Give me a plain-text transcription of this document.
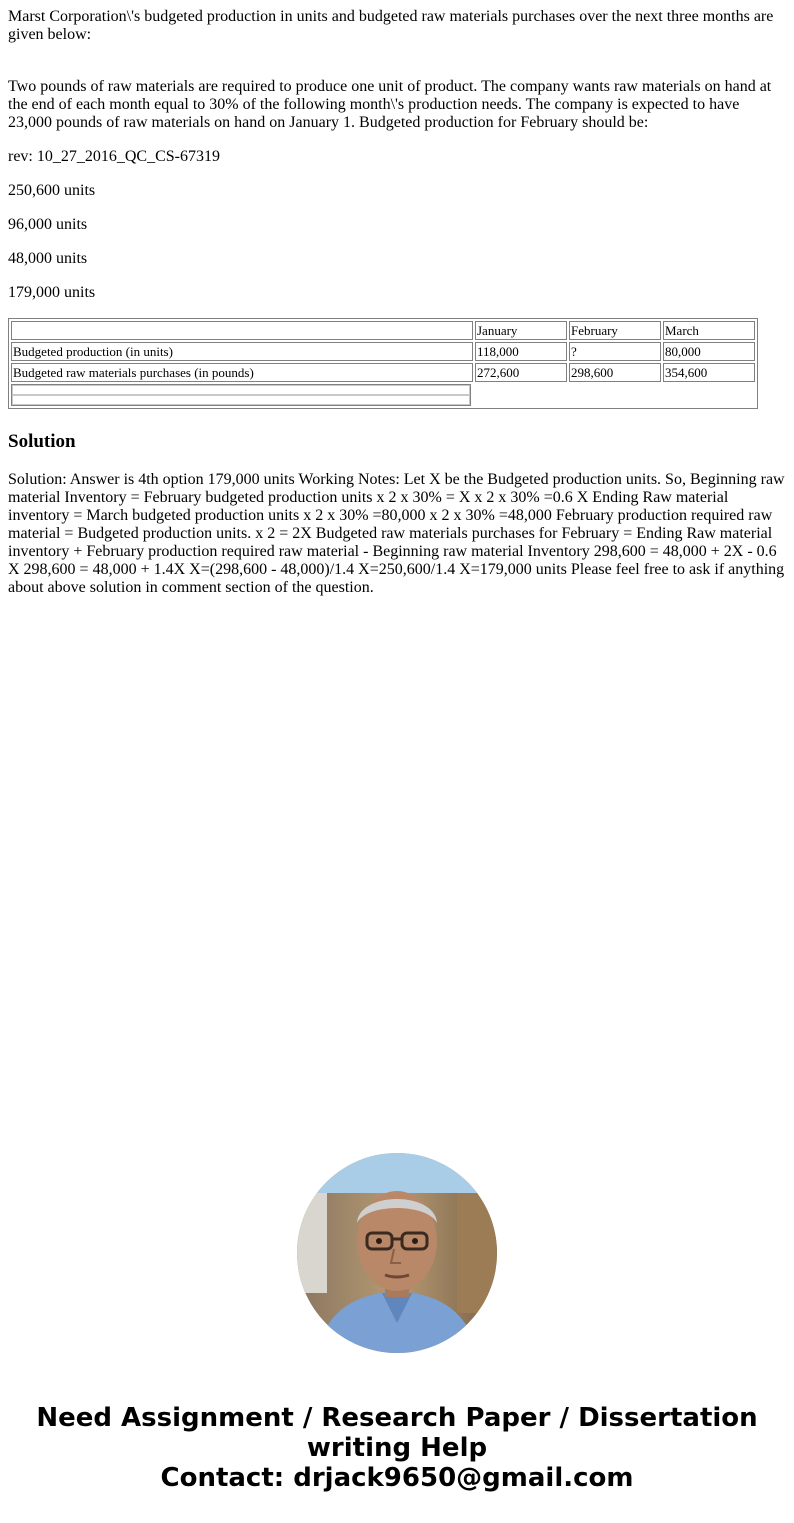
Marst Corporation\'s budgeted production in units and budgeted raw materials purchases over the next three months are given below:

Two pounds of raw materials are required to produce one unit of product. The company wants raw materials on hand at the end of each month equal to 30% of the following month\'s production needs. The company is expected to have 23,000 pounds of raw materials on hand on January 1. Budgeted production for February should be:

rev: 10_27_2016_QC_CS-67319

250,600 units

96,000 units

48,000 units

179,000 units

	January	February	March
Budgeted production (in units)	118,000	?	80,000
Budgeted raw materials purchases (in pounds)	272,600	298,600	354,600

Solution

Solution: Answer is 4th option 179,000 units Working Notes: Let X be the Budgeted production units. So, Beginning raw material Inventory = February budgeted production units x 2 x 30% = X x 2 x 30% =0.6 X Ending Raw material inventory = March budgeted production units x 2 x 30% =80,000 x 2 x 30% =48,000 February production required raw material = Budgeted production units. x 2 = 2X Budgeted raw materials purchases for February = Ending Raw material inventory + February production required raw material - Beginning raw material Inventory 298,600 = 48,000 + 2X - 0.6 X 298,600 = 48,000 + 1.4X X=(298,600 - 48,000)/1.4 X=250,600/1.4 X=179,000 units Please feel free to ask if anything about above solution in comment section of the question.

Need Assignment / Research Paper / Dissertation
writing Help
Contact: drjack9650@gmail.com
